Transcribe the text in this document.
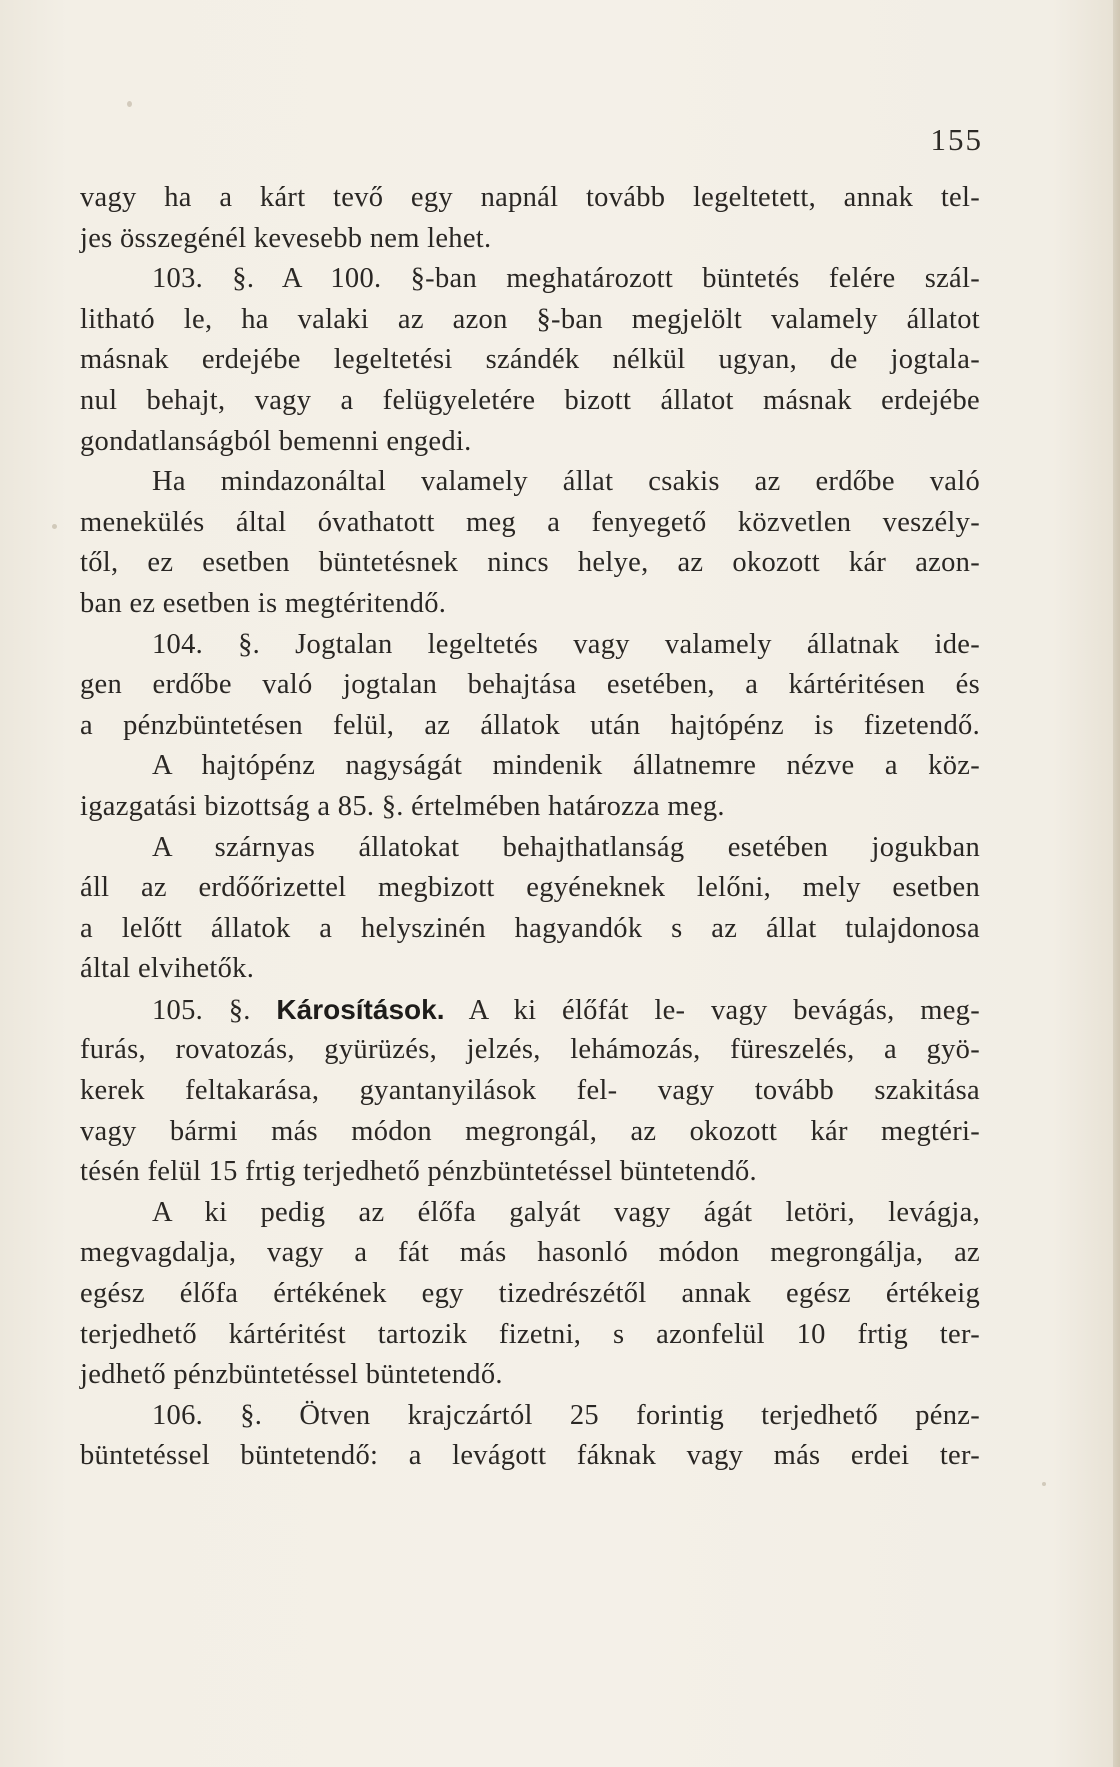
155
vagy ha a kárt tevő egy napnál tovább legeltetett, annak tel-
jes összegénél kevesebb nem lehet.
103. §. A 100. §-ban meghatározott büntetés felére szál-
litható le, ha valaki az azon §-ban megjelölt valamely állatot
másnak erdejébe legeltetési szándék nélkül ugyan, de jogtala-
nul behajt, vagy a felügyeletére bizott állatot másnak erdejébe
gondatlanságból bemenni engedi.
Ha mindazonáltal valamely állat csakis az erdőbe való
menekülés által óvathatott meg a fenyegető közvetlen veszély-
től, ez esetben büntetésnek nincs helye, az okozott kár azon-
ban ez esetben is megtéritendő.
104. §. Jogtalan legeltetés vagy valamely állatnak ide-
gen erdőbe való jogtalan behajtása esetében, a kártéritésen és
a pénzbüntetésen felül, az állatok után hajtópénz is fizetendő.
A hajtópénz nagyságát mindenik állatnemre nézve a köz-
igazgatási bizottság a 85. §. értelmében határozza meg.
A szárnyas állatokat behajthatlanság esetében jogukban
áll az erdőőrizettel megbizott egyéneknek lelőni, mely esetben
a lelőtt állatok a helyszinén hagyandók s az állat tulajdonosa
által elvihetők.
105. §. Károsítások. A ki élőfát le- vagy bevágás, meg-
furás, rovatozás, gyürüzés, jelzés, lehámozás, füreszelés, a gyö-
kerek feltakarása, gyantanyilások fel- vagy tovább szakitása
vagy bármi más módon megrongál, az okozott kár megtéri-
tésén felül 15 frtig terjedhető pénzbüntetéssel büntetendő.
A ki pedig az élőfa galyát vagy ágát letöri, levágja,
megvagdalja, vagy a fát más hasonló módon megrongálja, az
egész élőfa értékének egy tizedrészétől annak egész értékeig
terjedhető kártéritést tartozik fizetni, s azonfelül 10 frtig ter-
jedhető pénzbüntetéssel büntetendő.
106. §. Ötven krajczártól 25 forintig terjedhető pénz-
büntetéssel büntetendő: a levágott fáknak vagy más erdei ter-
